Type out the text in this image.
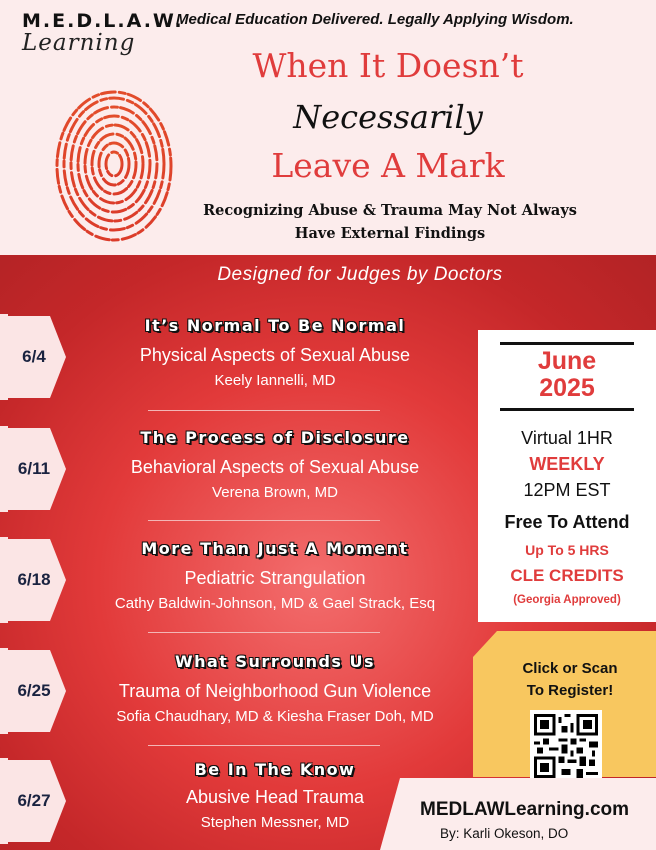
M.E.D.L.A.W.
Learning
Medical Education Delivered. Legally Applying Wisdom.
When It Doesn’t
Necessarily
Leave A Mark
Recognizing Abuse & Trauma May Not Always
Have External Findings
Designed for Judges by Doctors
6/4
It’s Normal To Be Normal
Physical Aspects of Sexual Abuse
Keely Iannelli, MD
6/11
The Process of Disclosure
Behavioral Aspects of Sexual Abuse
Verena Brown, MD
6/18
More Than Just A Moment
Pediatric Strangulation
Cathy Baldwin-Johnson, MD & Gael Strack, Esq
6/25
What Surrounds Us
Trauma of Neighborhood Gun Violence
Sofia Chaudhary, MD & Kiesha Fraser Doh, MD
6/27
Be In The Know
Abusive Head Trauma
Stephen Messner, MD
June
2025
Virtual 1HR
WEEKLY
12PM EST
Free To Attend
Up To 5 HRS
CLE CREDITS
(Georgia Approved)
Click or Scan
To Register!
MEDLAWLearning.com
By: Karli Okeson, DO
